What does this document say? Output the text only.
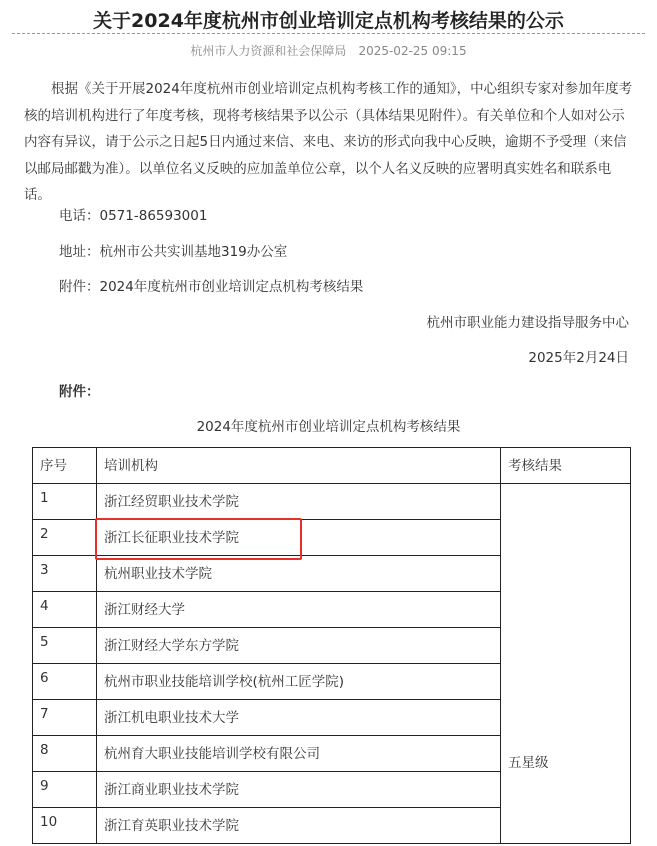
关于2024年度杭州市创业培训定点机构考核结果的公示
杭州市人力资源和社会保障局 2025-02-25 09:15

根据《关于开展2024年度杭州市创业培训定点机构考核工作的通知》，中心组织专家对参加年度考核的培训机构进行了年度考核，现将考核结果予以公示（具体结果见附件）。有关单位和个人如对公示内容有异议，请于公示之日起5日内通过来信、来电、来访的形式向我中心反映，逾期不予受理（来信以邮局邮戳为准）。以单位名义反映的应加盖单位公章，以个人名义反映的应署明真实姓名和联系电话。

电话：0571-86593001
地址：杭州市公共实训基地319办公室
附件：2024年度杭州市创业培训定点机构考核结果
杭州市职业能力建设指导服务中心
2025年2月24日
附件：
2024年度杭州市创业培训定点机构考核结果
序号	培训机构	考核结果
1	浙江经贸职业技术学院	五星级
2	浙江长征职业技术学院	
3	杭州职业技术学院	
4	浙江财经大学	
5	浙江财经大学东方学院	
6	杭州市职业技能培训学校(杭州工匠学院)	
7	浙江机电职业技术大学	
8	杭州育大职业技能培训学校有限公司	
9	浙江商业职业技术学院	
10	浙江育英职业技术学院	
